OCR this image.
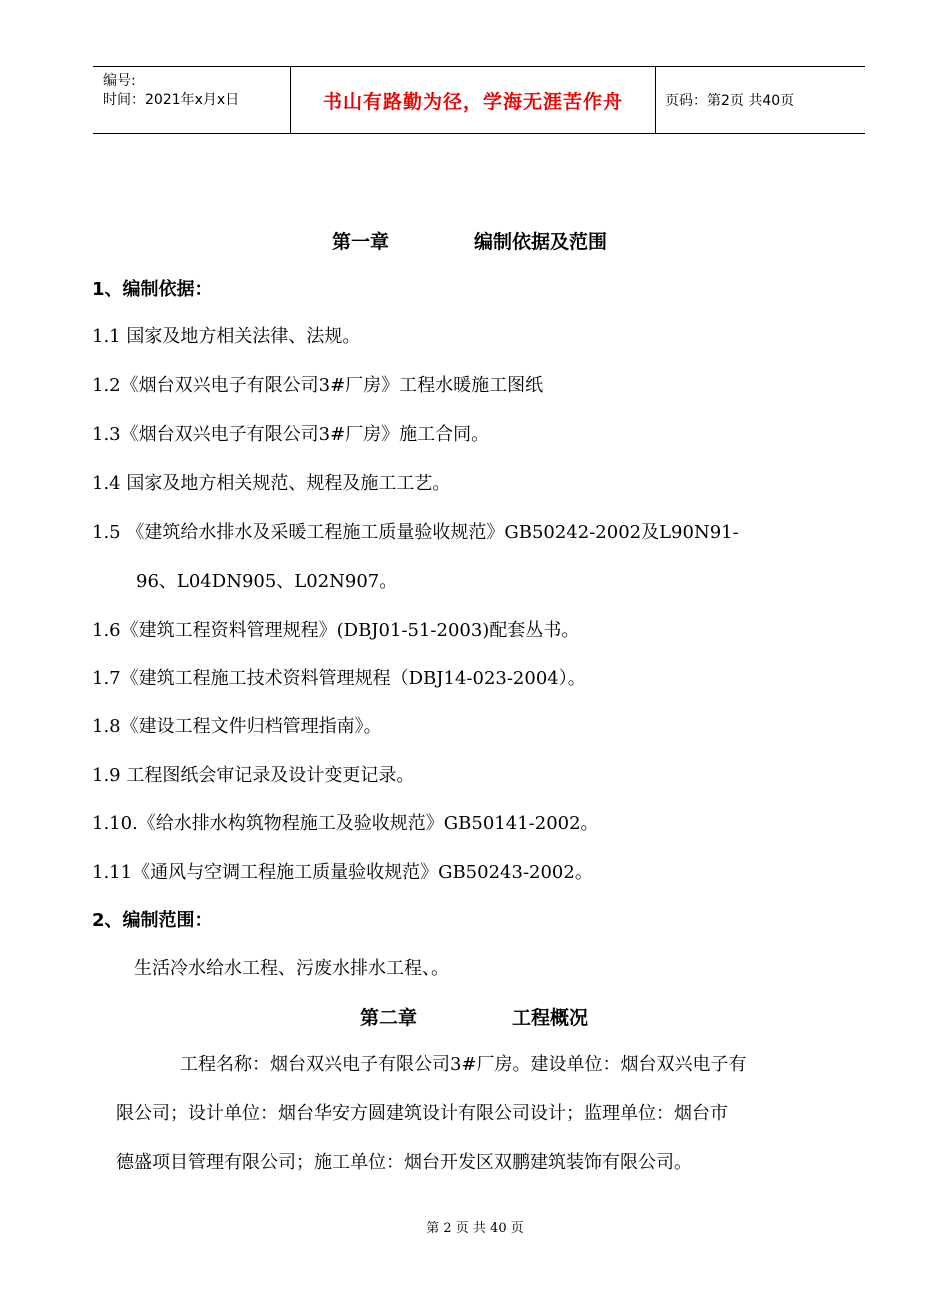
编号:
时间：2021年x月x日	书山有路勤为径，学海无涯苦作舟	页码：第2页 共40页
第一章	编制依据及范围
1、编制依据：
1.1 国家及地方相关法律、法规。
1.2《烟台双兴电子有限公司3#厂房》工程水暖施工图纸
1.3《烟台双兴电子有限公司3#厂房》施工合同。
1.4 国家及地方相关规范、规程及施工工艺。
1.5 《建筑给水排水及采暖工程施工质量验收规范》GB50242-2002及L90N91-
96、L04DN905、L02N907。
1.6《建筑工程资料管理规程》(DBJ01-51-2003)配套丛书。
1.7《建筑工程施工技术资料管理规程（DBJ14-023-2004）。
1.8《建设工程文件归档管理指南》。
1.9 工程图纸会审记录及设计变更记录。
1.10.《给水排水构筑物程施工及验收规范》GB50141-2002。
1.11《通风与空调工程施工质量验收规范》GB50243-2002。
2、编制范围：
生活冷水给水工程、污废水排水工程、。
第二章	工程概况
工程名称：烟台双兴电子有限公司3#厂房。建设单位：烟台双兴电子有
限公司；设计单位：烟台华安方圆建筑设计有限公司设计；监理单位：烟台市
德盛项目管理有限公司；施工单位：烟台开发区双鹏建筑装饰有限公司。
第 2 页 共 40 页
